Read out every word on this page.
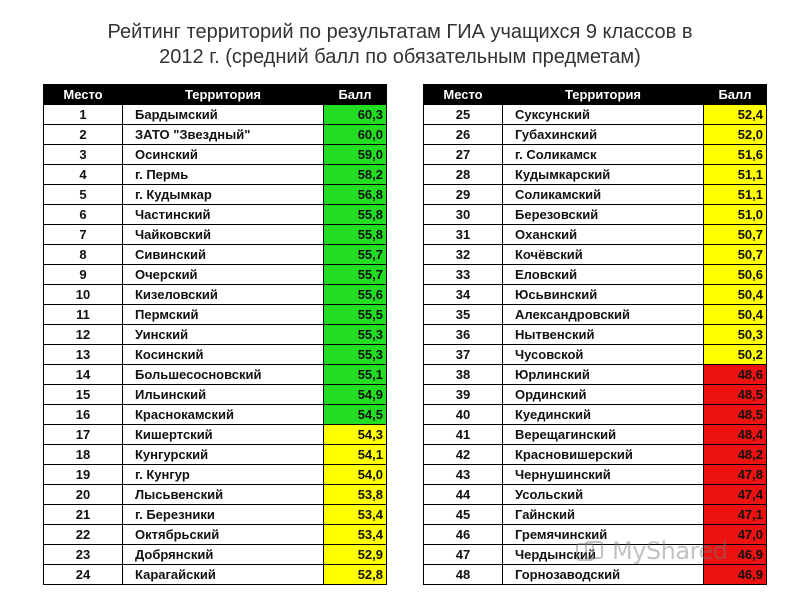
Рейтинг территорий по результатам ГИА учащихся 9 классов в
2012 г. (средний балл по обязательным предметам)
Место	Территория	Балл
1	Бардымский	60,3
2	ЗАТО "Звездный"	60,0
3	Осинский	59,0
4	г. Пермь	58,2
5	г. Кудымкар	56,8
6	Частинский	55,8
7	Чайковский	55,8
8	Сивинский	55,7
9	Очерский	55,7
10	Кизеловский	55,6
11	Пермский	55,5
12	Уинский	55,3
13	Косинский	55,3
14	Большесосновский	55,1
15	Ильинский	54,9
16	Краснокамский	54,5
17	Кишертский	54,3
18	Кунгурский	54,1
19	г. Кунгур	54,0
20	Лысьвенский	53,8
21	г. Березники	53,4
22	Октябрьский	53,4
23	Добрянский	52,9
24	Карагайский	52,8
Место	Территория	Балл
25	Суксунский	52,4
26	Губахинский	52,0
27	г. Соликамск	51,6
28	Кудымкарский	51,1
29	Соликамский	51,1
30	Березовский	51,0
31	Оханский	50,7
32	Кочёвский	50,7
33	Еловский	50,6
34	Юсьвинский	50,4
35	Александровский	50,4
36	Нытвенский	50,3
37	Чусовской	50,2
38	Юрлинский	48,6
39	Ординский	48,5
40	Куединский	48,5
41	Верещагинский	48,4
42	Красновишерский	48,2
43	Чернушинский	47,8
44	Усольский	47,4
45	Гайнский	47,1
46	Гремячинский	47,0
47	Чердынский	46,9
48	Горнозаводский	46,9
MyShared
